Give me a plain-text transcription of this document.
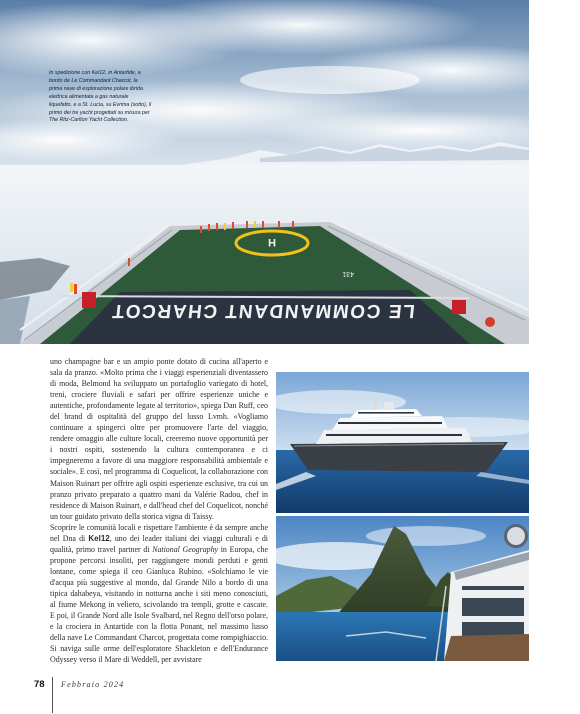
H
431
In spedizione con Kel12, in Antartide, a bordo de Le Commandant Charcot, la prima nave di esplorazione polare ibrida elettrica alimentata a gas naturale liquefatto, e a St. Lucia, su Evrima (sotto), il primo dei tre yacht progettati su misura per The Ritz-Carlton Yacht Collection.
LE COMMANDANT CHARCOT

uno champagne bar e un ampio ponte dotato di cucina all'aperto e sala da pranzo. «Molto prima che i viaggi esperienziali diventassero di moda, Belmond ha sviluppato un portafoglio variegato di hotel, treni, crociere fluviali e safari per offrire esperienze uniche e autentiche, profondamente legate al territorio», spiega Dan Ruff, ceo del brand di ospitalità del gruppo del lusso Lvmh. «Vogliamo continuare a spingerci oltre per promuovere l'arte del viaggio, rendere omaggio alle culture locali, creeremo nuove opportunità per i nostri ospiti, sostenendo la cultura contemporanea e ci impegneremo a favore di una maggiore responsabilità ambientale e sociale». E così, nel programma di Coquelicot, la collaborazione con Maison Ruinart per offrire agli ospiti esperienze esclusive, tra cui un pranzo privato preparato a quattro mani da Valérie Radou, chef in residence di Maison Ruinart, e dall'head chef del Coquelicot, nonché un tour guidato privato della storica vigna di Taissy.

Scoprire le comunità locali e rispettare l'ambiente è da sempre anche nel Dna di Kel12, uno dei leader italiani dei viaggi culturali e di qualità, primo travel partner di National Geography in Europa, che propone percorsi insoliti, per raggiungere mondi perduti e genti lontane, come spiega il ceo Gianluca Rubino. «Solchiamo le vie d'acqua più suggestive al mondo, dal Grande Nilo a bordo di una tipica dahabeya, visitando in notturna anche i siti meno conosciuti, al fiume Mekong in veliero, scivolando tra templi, grotte e cascate. E poi, il Grande Nord alle Isole Svalbard, nel Regno dell'orso polare, e la crociera in Antartide con la flotta Ponant, nel massimo lusso della nave Le Commandant Charcot, progettata come rompighiaccio. Si naviga sulle orme dell'esploratore Shackleton e dell'Endurance Odyssey verso il Mare di Weddell, per avvistare

78 Febbraio 2024
